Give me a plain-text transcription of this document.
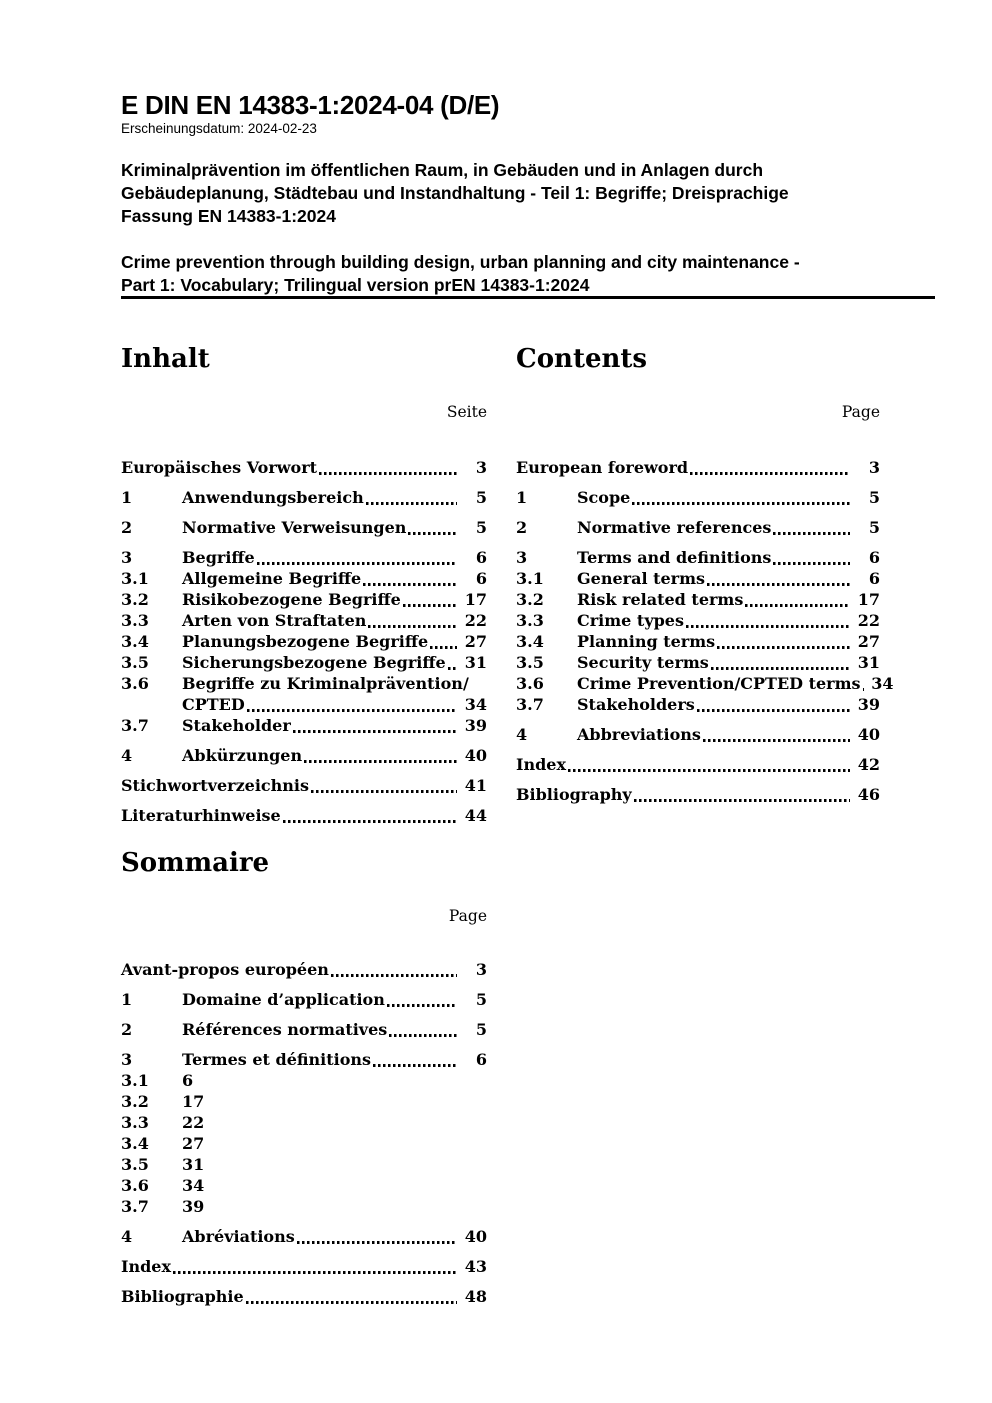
E DIN EN 14383-1:2024-04 (D/E)
Erscheinungsdatum: 2024-02-23
Kriminalprävention im öffentlichen Raum, in Gebäuden und in Anlagen durch
Gebäudeplanung, Städtebau und Instandhaltung - Teil 1: Begriffe; Dreisprachige
Fassung EN 14383-1:2024
Crime prevention through building design, urban planning and city maintenance -
Part 1: Vocabulary; Trilingual version prEN 14383-1:2024
Inhalt
Seite
Europäisches Vorwort	3
1	Anwendungsbereich	5
2	Normative Verweisungen	5
3	Begriffe	6
3.1	Allgemeine Begriffe	6
3.2	Risikobezogene Begriffe	17
3.3	Arten von Straftaten	22
3.4	Planungsbezogene Begriffe 27
3.5	Sicherungsbezogene Begriffe 31
3.6	Begriffe zu Kriminalprävention/
CPTED	34
3.7	Stakeholder	39
4	Abkürzungen	40
Stichwortverzeichnis	41
Literaturhinweise	44
Contents
Page
European foreword	3
1	Scope	5
2	Normative references	5
3	Terms and definitions	6
3.1	General terms	6
3.2	Risk related terms	17
3.3	Crime types	22
3.4	Planning terms	27
3.5	Security terms	31
3.6	Crime Prevention/CPTED terms 34
3.7	Stakeholders	39
4	Abbreviations	40
Index	42
Bibliography	46
Sommaire
Page
Avant-propos européen	3
1	Domaine d’application	5
2	Références normatives	5
3	Termes et définitions	6
3.1	6
3.2	17
3.3	22
3.4	27
3.5	31
3.6	34
3.7	39
4	Abréviations	40
Index	43
Bibliographie	48
